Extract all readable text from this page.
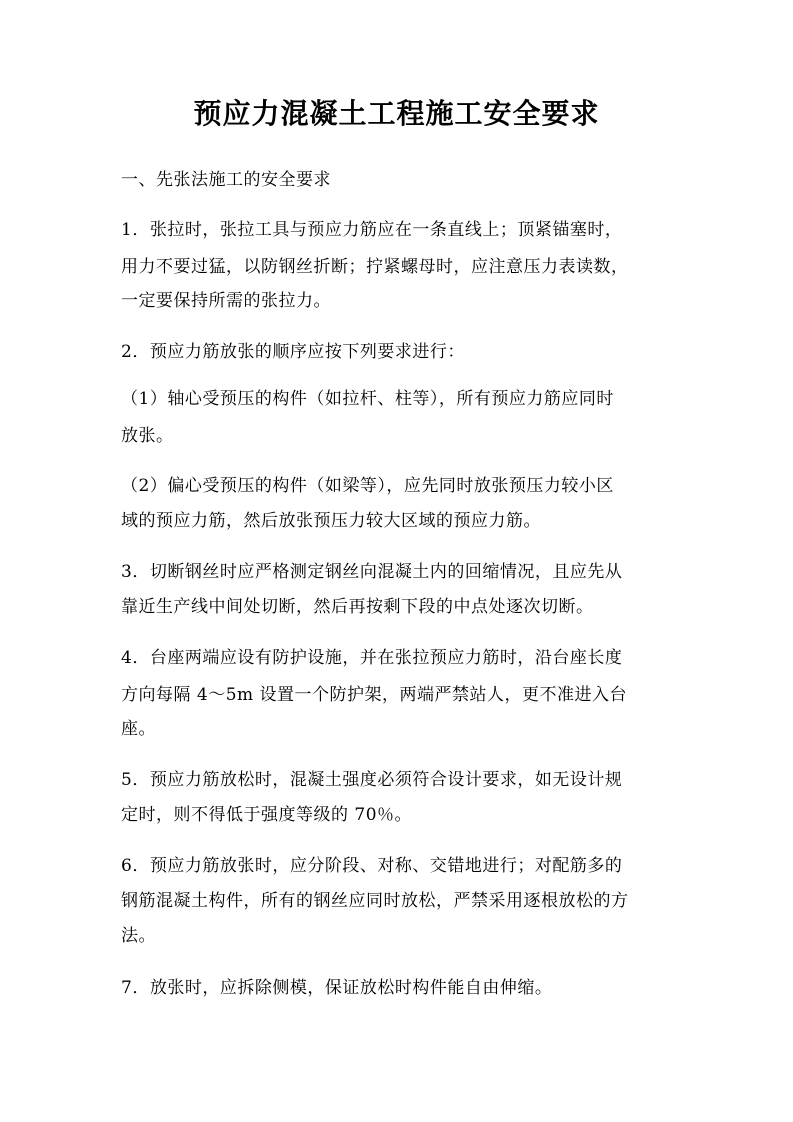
预应力混凝土工程施工安全要求
一、先张法施工的安全要求
1．张拉时，张拉工具与预应力筋应在一条直线上；顶紧锚塞时，
用力不要过猛，以防钢丝折断；拧紧螺母时，应注意压力表读数，
一定要保持所需的张拉力。
2．预应力筋放张的顺序应按下列要求进行：
（1）轴心受预压的构件（如拉杆、柱等），所有预应力筋应同时
放张。
（2）偏心受预压的构件（如梁等），应先同时放张预压力较小区
域的预应力筋，然后放张预压力较大区域的预应力筋。
3．切断钢丝时应严格测定钢丝向混凝土内的回缩情况，且应先从
靠近生产线中间处切断，然后再按剩下段的中点处逐次切断。
4．台座两端应设有防护设施，并在张拉预应力筋时，沿台座长度
方向每隔 4～5m 设置一个防护架，两端严禁站人，更不准进入台
座。
5．预应力筋放松时，混凝土强度必须符合设计要求，如无设计规
定时，则不得低于强度等级的 70％。
6．预应力筋放张时，应分阶段、对称、交错地进行；对配筋多的
钢筋混凝土构件，所有的钢丝应同时放松，严禁采用逐根放松的方
法。
7．放张时，应拆除侧模，保证放松时构件能自由伸缩。
